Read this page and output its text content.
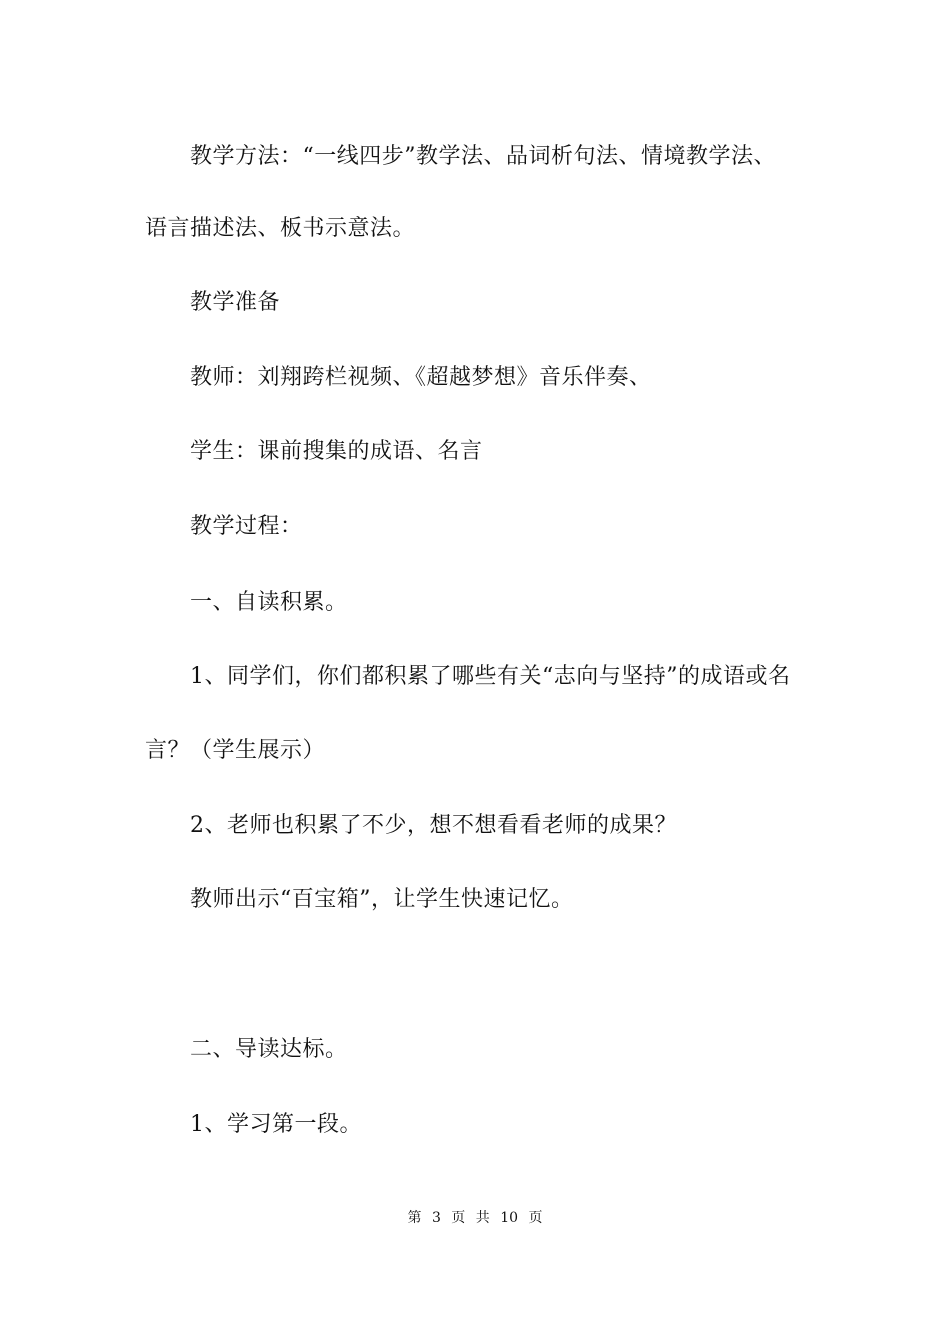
教学方法：“一线四步”教学法、品词析句法、情境教学法、
语言描述法、板书示意法。
教学准备
教师：刘翔跨栏视频、《超越梦想》音乐伴奏、
学生：课前搜集的成语、名言
教学过程：
一、自读积累。
1、同学们，你们都积累了哪些有关“志向与坚持”的成语或名
言？（学生展示）
2、老师也积累了不少，想不想看看老师的成果？
教师出示“百宝箱”，让学生快速记忆。
二、导读达标。
1、学习第一段。
第 3 页 共 10 页
